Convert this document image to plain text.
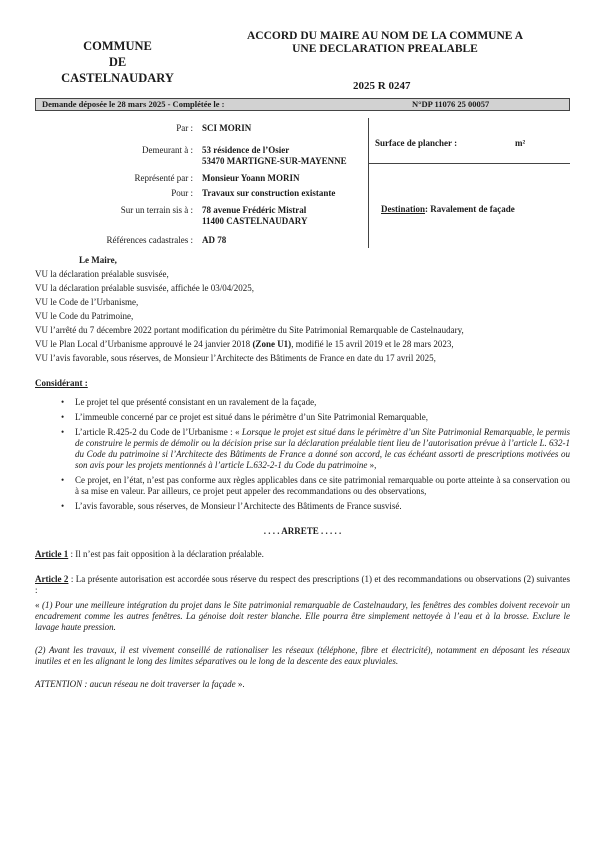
COMMUNE
DE
CASTELNAUDARY
ACCORD DU MAIRE AU NOM DE LA COMMUNE A
UNE DECLARATION PREALABLE
2025 R 0247
Demande déposée le 28 mars 2025 - Complétée le :	N°DP 11076 25 00057
Par : SCI MORIN
Demeurant à : 53 résidence de l’Osier
53470 MARTIGNE-SUR-MAYENNE
Représenté par : Monsieur Yoann MORIN
Pour : Travaux sur construction existante
Sur un terrain sis à : 78 avenue Frédéric Mistral
11400 CASTELNAUDARY
Références cadastrales : AD 78
Surface de plancher :	m²
Destination: Ravalement de façade

Le Maire,

VU la déclaration préalable susvisée,

VU la déclaration préalable susvisée, affichée le 03/04/2025,

VU le Code de l’Urbanisme,

VU le Code du Patrimoine,

VU l’arrêté du 7 décembre 2022 portant modification du périmètre du Site Patrimonial Remarquable de Castelnaudary,

VU le Plan Local d’Urbanisme approuvé le 24 janvier 2018 (Zone U1), modifié le 15 avril 2019 et le 28 mars 2023,

VU l’avis favorable, sous réserves, de Monsieur l’Architecte des Bâtiments de France en date du 17 avril 2025,

Considérant :

• Le projet tel que présenté consistant en un ravalement de la façade,

• L’immeuble concerné par ce projet est situé dans le périmètre d’un Site Patrimonial Remarquable,

• L’article R.425-2 du Code de l’Urbanisme : « Lorsque le projet est situé dans le périmètre d’un Site Patrimonial Remarquable, le permis de construire le permis de démolir ou la décision prise sur la déclaration préalable tient lieu de l’autorisation prévue à l’article L. 632-1 du Code du patrimoine si l’Architecte des Bâtiments de France a donné son accord, le cas échéant assorti de prescriptions motivées ou son avis pour les projets mentionnés à l’article L.632-2-1 du Code du patrimoine »,

• Ce projet, en l’état, n’est pas conforme aux règles applicables dans ce site patrimonial remarquable ou porte atteinte à sa conservation ou à sa mise en valeur. Par ailleurs, ce projet peut appeler des recommandations ou des observations,

• L’avis favorable, sous réserves, de Monsieur l’Architecte des Bâtiments de France susvisé.

. . . . ARRETE . . . . .

Article 1 : Il n’est pas fait opposition à la déclaration préalable.

Article 2 : La présente autorisation est accordée sous réserve du respect des prescriptions (1) et des recommandations ou observations (2) suivantes :

« (1) Pour une meilleure intégration du projet dans le Site patrimonial remarquable de Castelnaudary, les fenêtres des combles doivent recevoir un encadrement comme les autres fenêtres. La génoise doit rester blanche. Elle pourra être simplement nettoyée à l’eau et à la brosse. Exclure le lavage haute pression.

(2) Avant les travaux, il est vivement conseillé de rationaliser les réseaux (téléphone, fibre et électricité), notamment en déposant les réseaux inutiles et en les alignant le long des limites séparatives ou le long de la descente des eaux pluviales.

ATTENTION : aucun réseau ne doit traverser la façade ».
